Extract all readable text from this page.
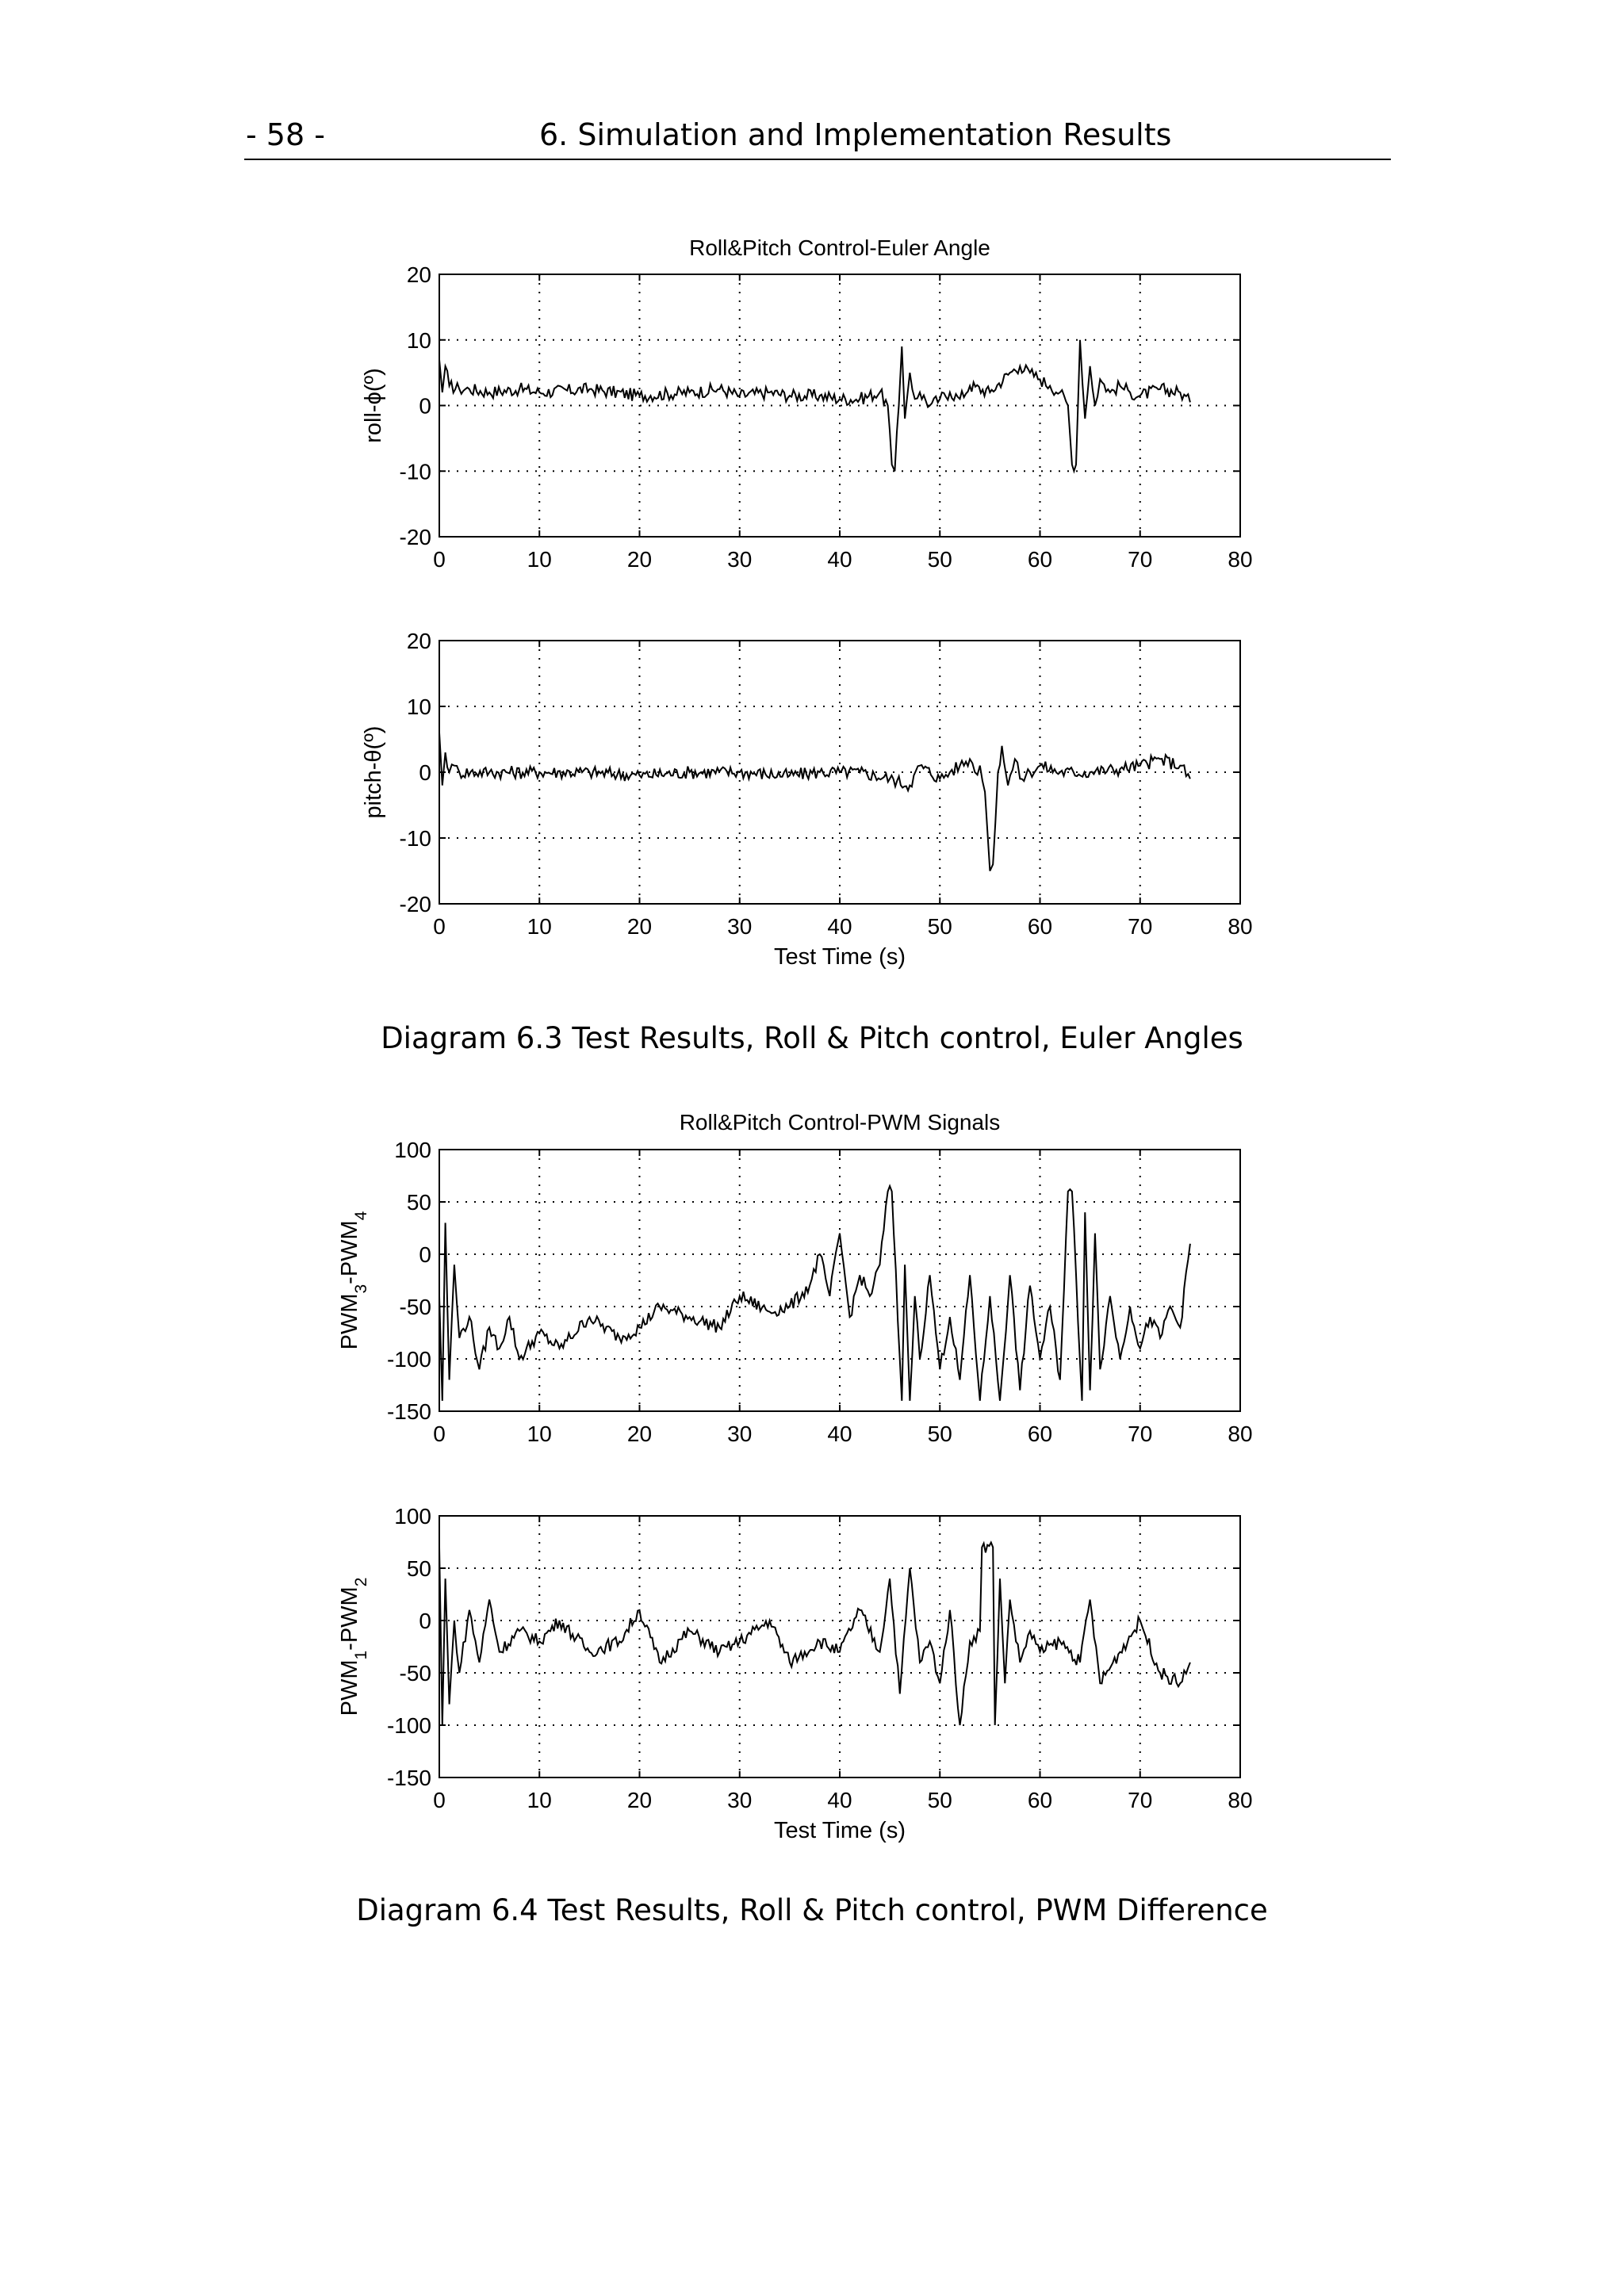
- 58 -	6. Simulation and Implementation Results
0	10	20	30	40	50	60	70	80
-20
-10
0
10
20
Roll&Pitch Control-Euler Angle
roll-ϕ(º)
0	10	20	30	40	50	60	70	80
-20
-10
0
10
20
Test Time (s)
pitch-θ(º)
0	10	20	30	40	50	60	70	80
-150
-100
-50
0
50
100
Roll&Pitch Control-PWM Signals
$PWM_3-PWM_4$
0	10	20	30	40	50	60	70	80
-150
-100
-50
0
50
100
Test Time (s)
$PWM_1-PWM_2$
Diagram 6.3 Test Results, Roll & Pitch control, Euler Angles
Diagram 6.4 Test Results, Roll & Pitch control, PWM Difference
